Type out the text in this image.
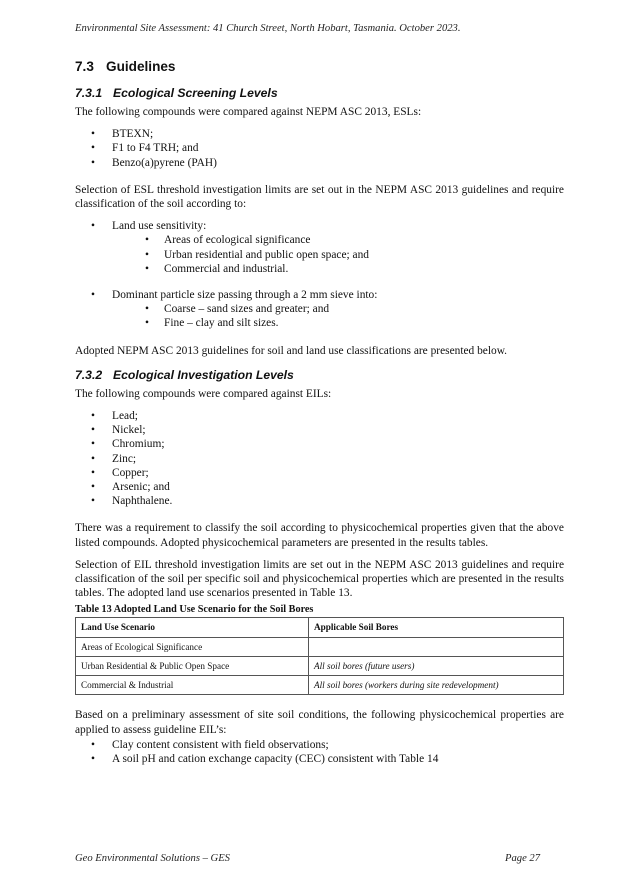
Environmental Site Assessment: 41 Church Street, North Hobart, Tasmania. October 2023.
7.3 Guidelines
7.3.1 Ecological Screening Levels

The following compounds were compared against NEPM ASC 2013, ESLs:

• BTEXN;
• F1 to F4 TRH; and
• Benzo(a)pyrene (PAH)

Selection of ESL threshold investigation limits are set out in the NEPM ASC 2013 guidelines and require classification of the soil according to:

• Land use sensitivity:
• Areas of ecological significance
• Urban residential and public open space; and
• Commercial and industrial.
• Dominant particle size passing through a 2 mm sieve into:
• Coarse – sand sizes and greater; and
• Fine – clay and silt sizes.

Adopted NEPM ASC 2013 guidelines for soil and land use classifications are presented below.

7.3.2 Ecological Investigation Levels

The following compounds were compared against EILs:

• Lead;
• Nickel;
• Chromium;
• Zinc;
• Copper;
• Arsenic; and
• Naphthalene.

There was a requirement to classify the soil according to physicochemical properties given that the above listed compounds. Adopted physicochemical parameters are presented in the results tables.

Selection of EIL threshold investigation limits are set out in the NEPM ASC 2013 guidelines and require classification of the soil per specific soil and physicochemical properties which are presented in the results tables. The adopted land use scenarios presented in Table 13.

Table 13 Adopted Land Use Scenario for the Soil Bores
Land Use Scenario	Applicable Soil Bores
Areas of Ecological Significance	
Urban Residential & Public Open Space	All soil bores (future users)
Commercial & Industrial	All soil bores (workers during site redevelopment)

Based on a preliminary assessment of site soil conditions, the following physicochemical properties are applied to assess guideline EIL’s:

• Clay content consistent with field observations;
• A soil pH and cation exchange capacity (CEC) consistent with Table 14
Geo Environmental Solutions – GES	Page 27
